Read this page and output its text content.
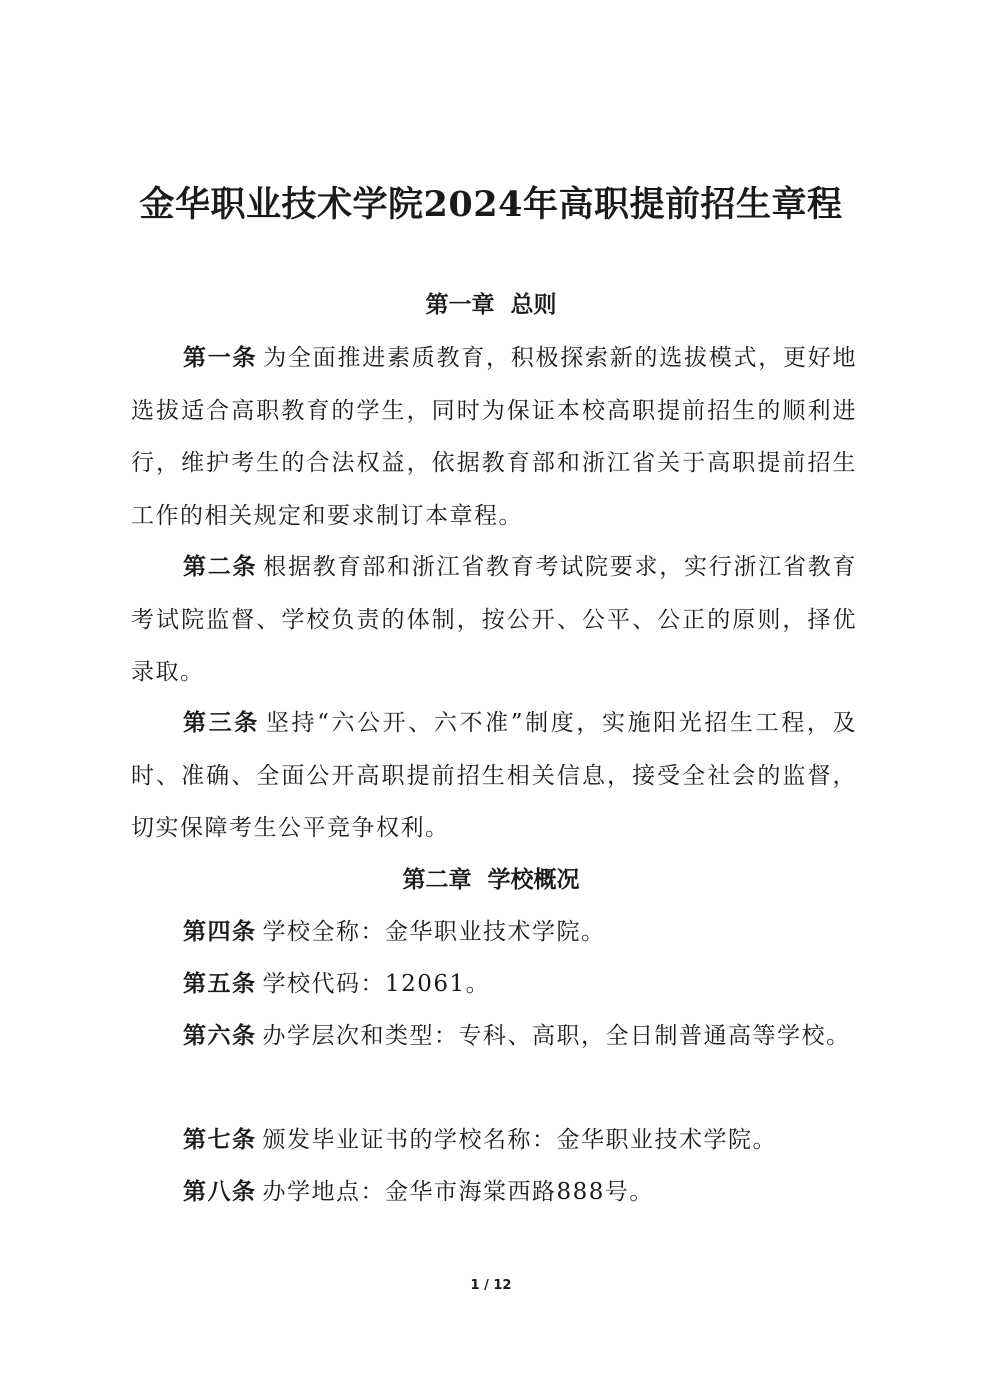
金华职业技术学院2024年高职提前招生章程
第一章  总则
第一条 为全面推进素质教育，积极探索新的选拔模式，更好地选拔适合高职教育的学生，同时为保证本校高职提前招生的顺利进行，维护考生的合法权益，依据教育部和浙江省关于高职提前招生工作的相关规定和要求制订本章程。
第二条 根据教育部和浙江省教育考试院要求，实行浙江省教育考试院监督、学校负责的体制，按公开、公平、公正的原则，择优录取。
第三条 坚持“六公开、六不准”制度，实施阳光招生工程，及时、准确、全面公开高职提前招生相关信息，接受全社会的监督，切实保障考生公平竞争权利。
第二章  学校概况
第四条 学校全称：金华职业技术学院。
第五条 学校代码：12061。
第六条 办学层次和类型：专科、高职，全日制普通高等学校。
第七条 颁发毕业证书的学校名称：金华职业技术学院。
第八条 办学地点：金华市海棠西路888号。
1 / 12
